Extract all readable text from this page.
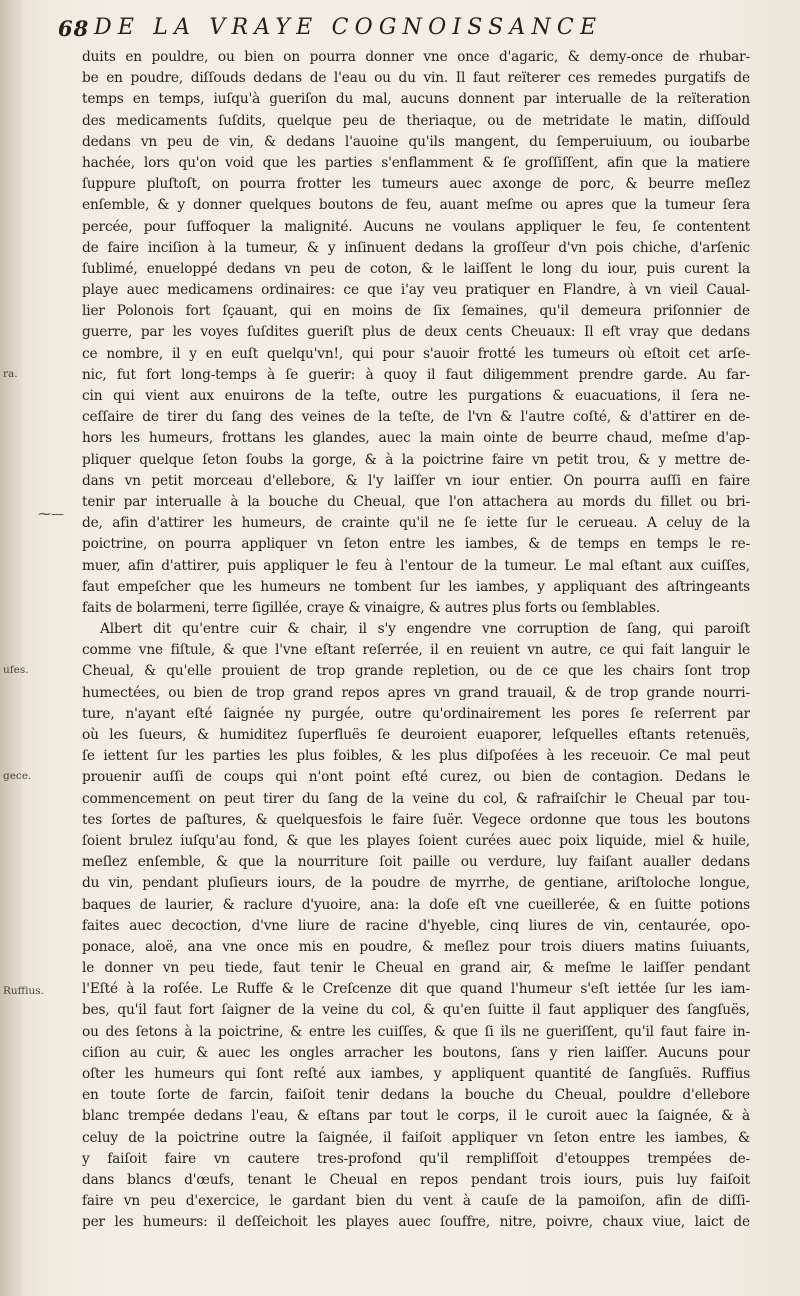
68 DE LA VRAYE COGNOISSANCE
ra.
ufes.
gece.
Ruffius.
⁓—
duits en pouldre, ou bien on pourra donner vne once d'agaric, & demy-once de rhubar-
be en poudre, diſſouds dedans de l'eau ou du vin. Il faut reïterer ces remedes purgatifs de
temps en temps, iuſqu'à gueriſon du mal, aucuns donnent par interualle de la reïteration
des medicaments ſuſdits, quelque peu de theriaque, ou de metridate le matin, diſſould
dedans vn peu de vin, & dedans l'auoine qu'ils mangent, du ſemperuiuum, ou ioubarbe
hachée, lors qu'on void que les parties s'enflamment & ſe groſſiſſent, afin que la matiere
ſuppure pluſtoſt, on pourra frotter les tumeurs auec axonge de porc, & beurre meſlez
enſemble, & y donner quelques boutons de feu, auant meſme ou apres que la tumeur ſera
percée, pour ſuffoquer la malignité. Aucuns ne voulans appliquer le feu, ſe contentent
de faire inciſion à la tumeur, & y inſinuent dedans la groſſeur d'vn pois chiche, d'arſenic
ſublimé, enueloppé dedans vn peu de coton, & le laiſſent le long du iour, puis curent la
playe auec medicamens ordinaires: ce que i'ay veu pratiquer en Flandre, à vn vieil Caual-
lier Polonois fort ſçauant, qui en moins de ſix ſemaines, qu'il demeura priſonnier de
guerre, par les voyes ſuſdites gueriſt plus de deux cents Cheuaux: Il eſt vray que dedans
ce nombre, il y en euſt quelqu'vn!, qui pour s'auoir frotté les tumeurs où eſtoit cet arſe-
nic, fut fort long-temps à ſe guerir: à quoy il faut diligemment prendre garde. Au far-
cin qui vient aux enuirons de la teſte, outre les purgations & euacuations, il ſera ne-
ceſſaire de tirer du ſang des veines de la teſte, de l'vn & l'autre coſté, & d'attirer en de-
hors les humeurs, frottans les glandes, auec la main ointe de beurre chaud, meſme d'ap-
pliquer quelque ſeton ſoubs la gorge, & à la poictrine faire vn petit trou, & y mettre de-
dans vn petit morceau d'ellebore, & l'y laiſſer vn iour entier. On pourra auſſi en faire
tenir par interualle à la bouche du Cheual, que l'on attachera au mords du fillet ou bri-
de, afin d'attirer les humeurs, de crainte qu'il ne ſe iette ſur le cerueau. A celuy de la
poictrine, on pourra appliquer vn ſeton entre les iambes, & de temps en temps le re-
muer, afin d'attirer, puis appliquer le feu à l'entour de la tumeur. Le mal eſtant aux cuiſſes,
faut empeſcher que les humeurs ne tombent ſur les iambes, y appliquant des aſtringeants
faits de bolarmeni, terre ſigillée, craye & vinaigre, & autres plus forts ou ſemblables.
Albert dit qu'entre cuir & chair, il s'y engendre vne corruption de ſang, qui paroiſt
comme vne fiſtule, & que l'vne eſtant reſerrée, il en reuient vn autre, ce qui fait languir le
Cheual, & qu'elle prouient de trop grande repletion, ou de ce que les chairs ſont trop
humectées, ou bien de trop grand repos apres vn grand trauail, & de trop grande nourri-
ture, n'ayant eſté ſaignée ny purgée, outre qu'ordinairement les pores ſe reſerrent par
où les ſueurs, & humiditez ſuperfluës ſe deuroient euaporer, leſquelles eſtants retenuës,
ſe iettent ſur les parties les plus foibles, & les plus diſpoſées à les receuoir. Ce mal peut
prouenir auſſi de coups qui n'ont point eſté curez, ou bien de contagion. Dedans le
commencement on peut tirer du ſang de la veine du col, & rafraiſchir le Cheual par tou-
tes ſortes de paſtures, & quelquesfois le faire ſuër. Vegece ordonne que tous les boutons
ſoient brulez iuſqu'au fond, & que les playes ſoient curées auec poix liquide, miel & huile,
meſlez enſemble, & que la nourriture ſoit paille ou verdure, luy faiſant aualler dedans
du vin, pendant pluſieurs iours, de la poudre de myrrhe, de gentiane, ariſtoloche longue,
baques de laurier, & raclure d'yuoire, ana: la doſe eſt vne cueillerée, & en ſuitte potions
faites auec decoction, d'vne liure de racine d'hyeble, cinq liures de vin, centaurée, opo-
ponace, aloë, ana vne once mis en poudre, & meſlez pour trois diuers matins ſuiuants,
le donner vn peu tiede, faut tenir le Cheual en grand air, & meſme le laiſſer pendant
l'Eſté à la roſée. Le Ruffe & le Creſcenze dit que quand l'humeur s'eſt iettée ſur les iam-
bes, qu'il faut fort ſaigner de la veine du col, & qu'en ſuitte il faut appliquer des ſangſuës,
ou des ſetons à la poictrine, & entre les cuiſſes, & que ſi ils ne gueriſſent, qu'il faut faire in-
ciſion au cuir, & auec les ongles arracher les boutons, ſans y rien laiſſer. Aucuns pour
oſter les humeurs qui ſont reſté aux iambes, y appliquent quantité de ſangſuës. Ruffius
en toute ſorte de farcin, faiſoit tenir dedans la bouche du Cheual, pouldre d'ellebore
blanc trempée dedans l'eau, & eſtans par tout le corps, il le curoit auec la ſaignée, & à
celuy de la poictrine outre la ſaignée, il faiſoit appliquer vn ſeton entre les iambes, &
y faiſoit faire vn cautere tres-profond qu'il rempliſſoit d'etouppes trempées de-
dans blancs d'œufs, tenant le Cheual en repos pendant trois iours, puis luy faiſoit
faire vn peu d'exercice, le gardant bien du vent à cauſe de la pamoiſon, afin de diſſi-
per les humeurs: il deſſeichoit les playes auec ſouffre, nitre, poivre, chaux viue, laict de
